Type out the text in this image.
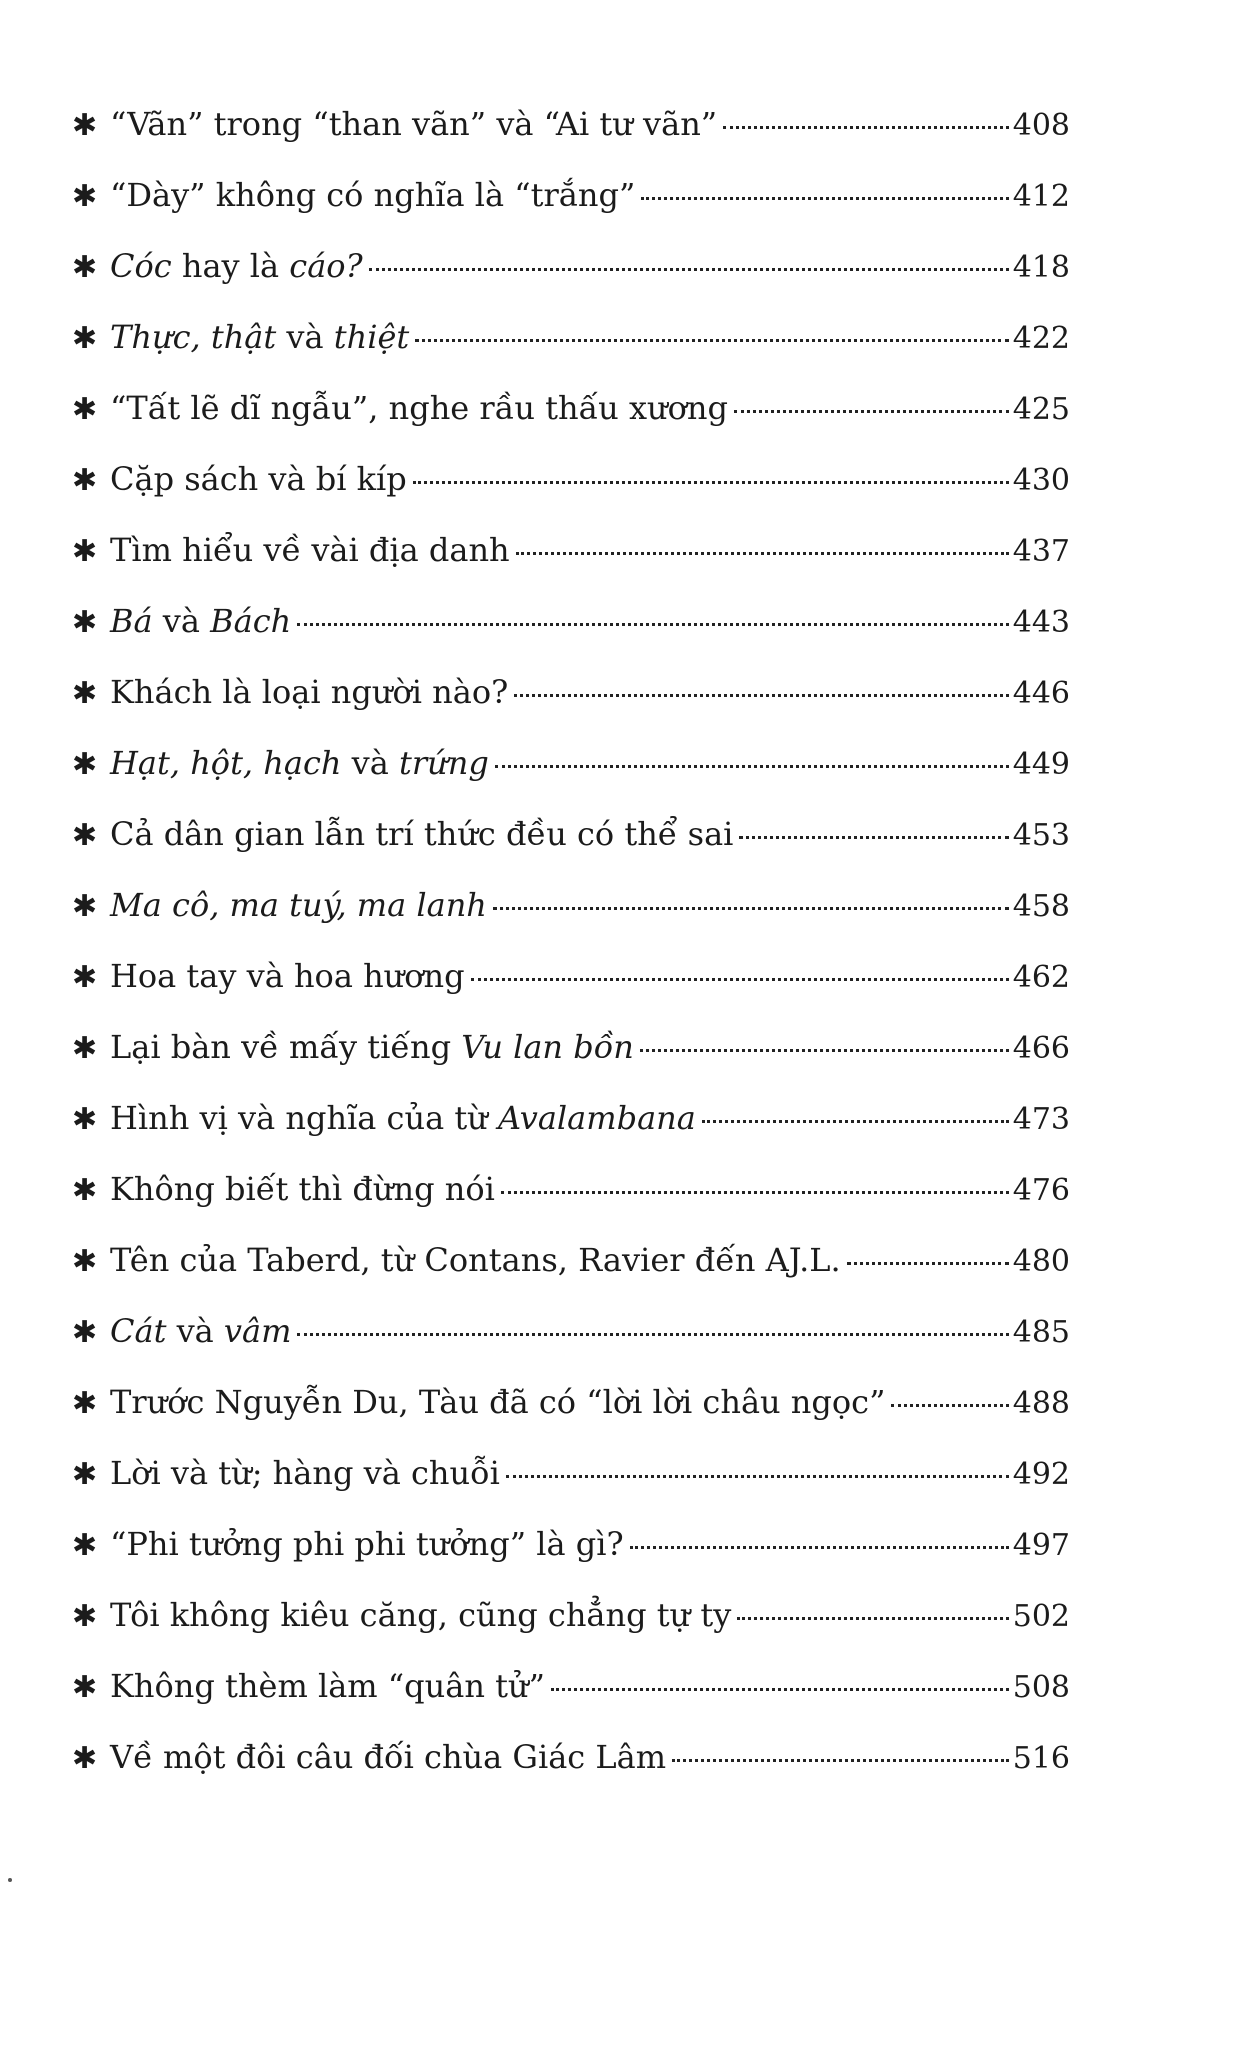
✱ “Vãn” trong “than vãn” và “Ai tư vãn”	408
✱ “Dày” không có nghĩa là “trắng”	412
✱ Cóc hay là cáo?	418
✱ Thực, thật và thiệt	422
✱ “Tất lẽ dĩ ngẫu”, nghe rầu thấu xương	425
✱ Cặp sách và bí kíp	430
✱ Tìm hiểu về vài địa danh	437
✱ Bá và Bách	443
✱ Khách là loại người nào?	446
✱ Hạt, hột, hạch và trứng	449
✱ Cả dân gian lẫn trí thức đều có thể sai	453
✱ Ma cô, ma tuý, ma lanh	458
✱ Hoa tay và hoa hương	462
✱ Lại bàn về mấy tiếng Vu lan bồn	466
✱ Hình vị và nghĩa của từ Avalambana	473
✱ Không biết thì đừng nói	476
✱ Tên của Taberd, từ Contans, Ravier đến AJ.L.	480
✱ Cát và vâm	485
✱ Trước Nguyễn Du, Tàu đã có “lời lời châu ngọc”	488
✱ Lời và từ; hàng và chuỗi	492
✱ “Phi tưởng phi phi tưởng” là gì?	497
✱ Tôi không kiêu căng, cũng chẳng tự ty	502
✱ Không thèm làm “quân tử”	508
✱ Về một đôi câu đối chùa Giác Lâm	516
